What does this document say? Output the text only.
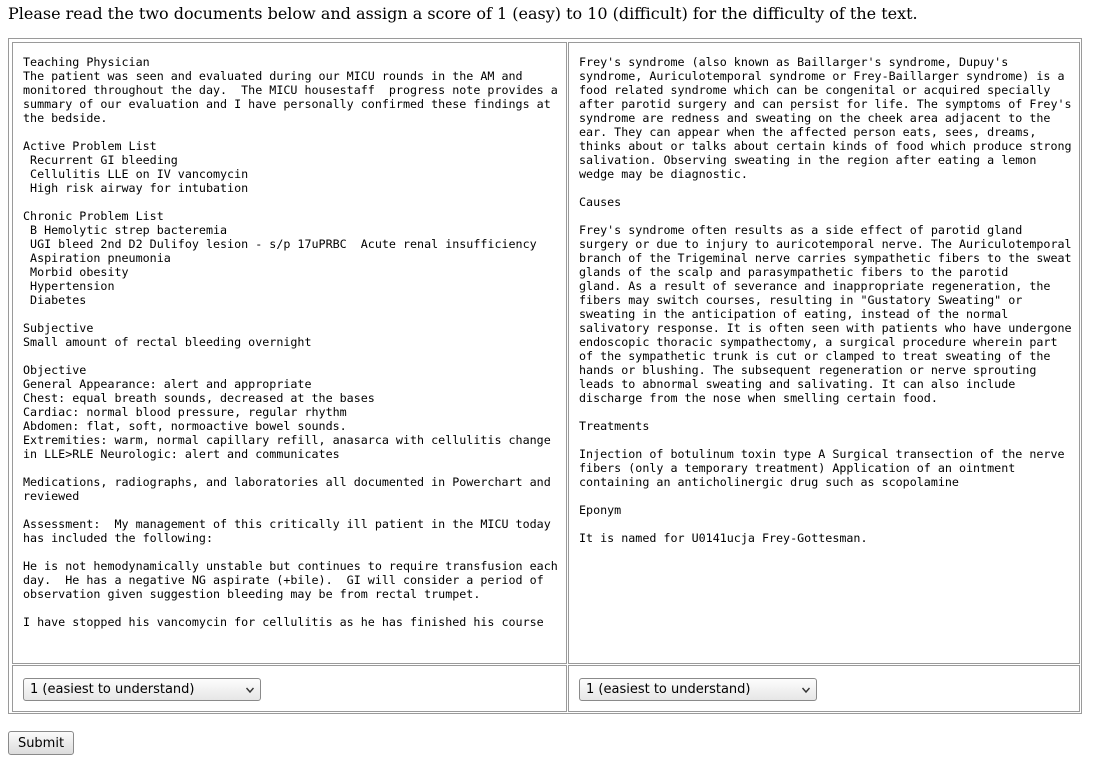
Please read the two documents below and assign a score of 1 (easy) to 10 (difficult) for the difficulty of the text.
Teaching Physician
The patient was seen and evaluated during our MICU rounds in the AM and
monitored throughout the day.  The MICU housestaff  progress note provides a
summary of our evaluation and I have personally confirmed these findings at
the bedside.

Active Problem List
Recurrent GI bleeding
Cellulitis LLE on IV vancomycin
High risk airway for intubation

Chronic Problem List
B Hemolytic strep bacteremia
UGI bleed 2nd D2 Dulifoy lesion - s/p 17uPRBC  Acute renal insufficiency
Aspiration pneumonia
Morbid obesity
Hypertension
Diabetes

Subjective
Small amount of rectal bleeding overnight

Objective
General Appearance: alert and appropriate
Chest: equal breath sounds, decreased at the bases
Cardiac: normal blood pressure, regular rhythm
Abdomen: flat, soft, normoactive bowel sounds.
Extremities: warm, normal capillary refill, anasarca with cellulitis change
in LLE>RLE Neurologic: alert and communicates

Medications, radiographs, and laboratories all documented in Powerchart and
reviewed

Assessment:  My management of this critically ill patient in the MICU today
has included the following:

He is not hemodynamically unstable but continues to require transfusion each
day.  He has a negative NG aspirate (+bile).  GI will consider a period of
observation given suggestion bleeding may be from rectal trumpet.

I have stopped his vancomycin for cellulitis as he has finished his course
Frey's syndrome (also known as Baillarger's syndrome, Dupuy's
syndrome, Auriculotemporal syndrome or Frey-Baillarger syndrome) is a
food related syndrome which can be congenital or acquired specially
after parotid surgery and can persist for life. The symptoms of Frey's
syndrome are redness and sweating on the cheek area adjacent to the
ear. They can appear when the affected person eats, sees, dreams,
thinks about or talks about certain kinds of food which produce strong
salivation. Observing sweating in the region after eating a lemon
wedge may be diagnostic.

Causes

Frey's syndrome often results as a side effect of parotid gland
surgery or due to injury to auricotemporal nerve. The Auriculotemporal
branch of the Trigeminal nerve carries sympathetic fibers to the sweat
glands of the scalp and parasympathetic fibers to the parotid
gland. As a result of severance and inappropriate regeneration, the
fibers may switch courses, resulting in "Gustatory Sweating" or
sweating in the anticipation of eating, instead of the normal
salivatory response. It is often seen with patients who have undergone
endoscopic thoracic sympathectomy, a surgical procedure wherein part
of the sympathetic trunk is cut or clamped to treat sweating of the
hands or blushing. The subsequent regeneration or nerve sprouting
leads to abnormal sweating and salivating. It can also include
discharge from the nose when smelling certain food.

Treatments

Injection of botulinum toxin type A Surgical transection of the nerve
fibers (only a temporary treatment) Application of an ointment
containing an anticholinergic drug such as scopolamine

Eponym

It is named for U0141ucja Frey-Gottesman.
1 (easiest to understand)	1 (easiest to understand)
Submit
